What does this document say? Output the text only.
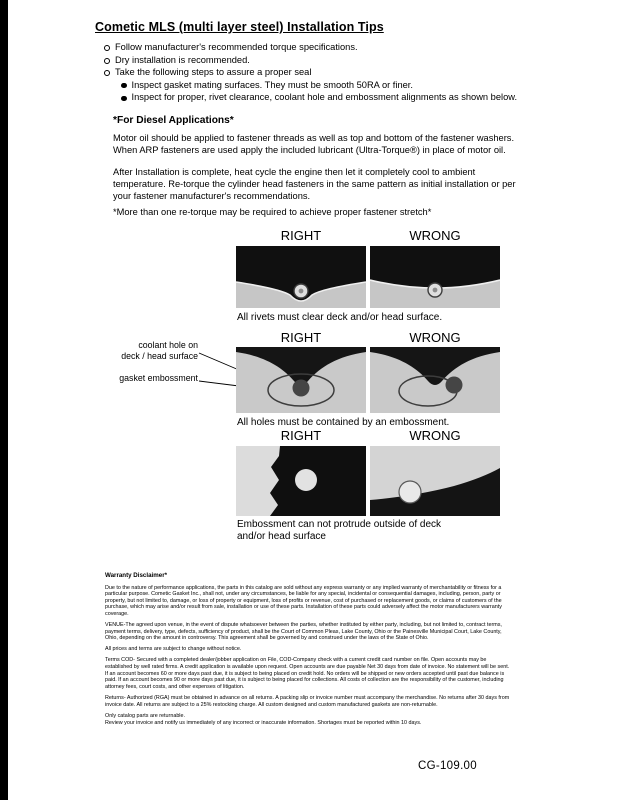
Cometic MLS (multi layer steel) Installation Tips
Follow manufacturer's recommended torque specifications.
Dry installation is recommended.
Take the following steps to assure a proper seal
Inspect gasket mating surfaces. They must be smooth 50RA or finer.
Inspect for proper, rivet clearance, coolant hole and embossment alignments as shown below.
*For Diesel Applications*
Motor oil should be applied to fastener threads as well as top and bottom of the fastener washers. When ARP fasteners are used apply the included lubricant (Ultra-Torque®) in place of motor oil.
After Installation is complete, heat cycle the engine then let it completely cool to ambient temperature. Re-torque the cylinder head fasteners in the same pattern as initial installation or per your fastener manufacturer's recommendations.
*More than one re-torque may be required to achieve proper fastener stretch*
RIGHT	WRONG
All rivets must clear deck and/or head surface.
coolant hole on
deck / head surface
gasket embossment
RIGHT	WRONG
All holes must be contained by an embossment.
RIGHT	WRONG
Embossment can not protrude outside of deck and/or head surface
Warranty Disclaimer*

Due to the nature of performance applications, the parts in this catalog are sold without any express warranty or any implied warranty of merchantability or fitness for a particular purpose. Cometic Gasket Inc., shall not, under any circumstances, be liable for any special, incidental or consequential damages, including, person, party or property, but not limited to, damage, or loss of property or equipment, loss of profits or revenue, cost of purchased or replacement goods, or claims of customers of the purchase, which may arise and/or result from sale, installation or use of these parts. Installation of these parts could adversely affect the motor manufacturers warranty coverage.

VENUE-The agreed upon venue, in the event of dispute whatsoever between the parties, whether instituted by either party, including, but not limited to, contract terms, payment terms, delivery, type, defects, sufficiency of product, shall be the Court of Common Pleas, Lake County, Ohio or the Painesville Municipal Court, Lake County, Ohio, depending on the amount in controversy. This agreement shall be governed by and construed under the laws of the State of Ohio.

All prices and terms are subject to change without notice.

Terms COD- Secured with a completed dealer/jobber application on File, COD-Company check with a current credit card number on file. Open accounts may be established by well rated firms. A credit application is available upon request. Open accounts are due payable Net 30 days from date of invoice. No statement will be sent. If an account becomes 60 or more days past due, it is subject to being placed on credit hold. No orders will be shipped or new orders accepted until past due balance is paid. If an account becomes 90 or more days past due, it is subject to being placed for collections. All costs of collection are the responsibility of the customer, including attorney fees, court costs, and other expenses of litigation.

Returns- Authorized (RGA) must be obtained in advance on all returns. A packing slip or invoice number must accompany the merchandise. No returns after 30 days from invoice date. All returns are subject to a 25% restocking charge. All custom designed and custom manufactured gaskets are non-returnable.

Only catalog parts are returnable.

Review your invoice and notify us immediately of any incorrect or inaccurate information. Shortages must be reported within 10 days.

CG-109.00
